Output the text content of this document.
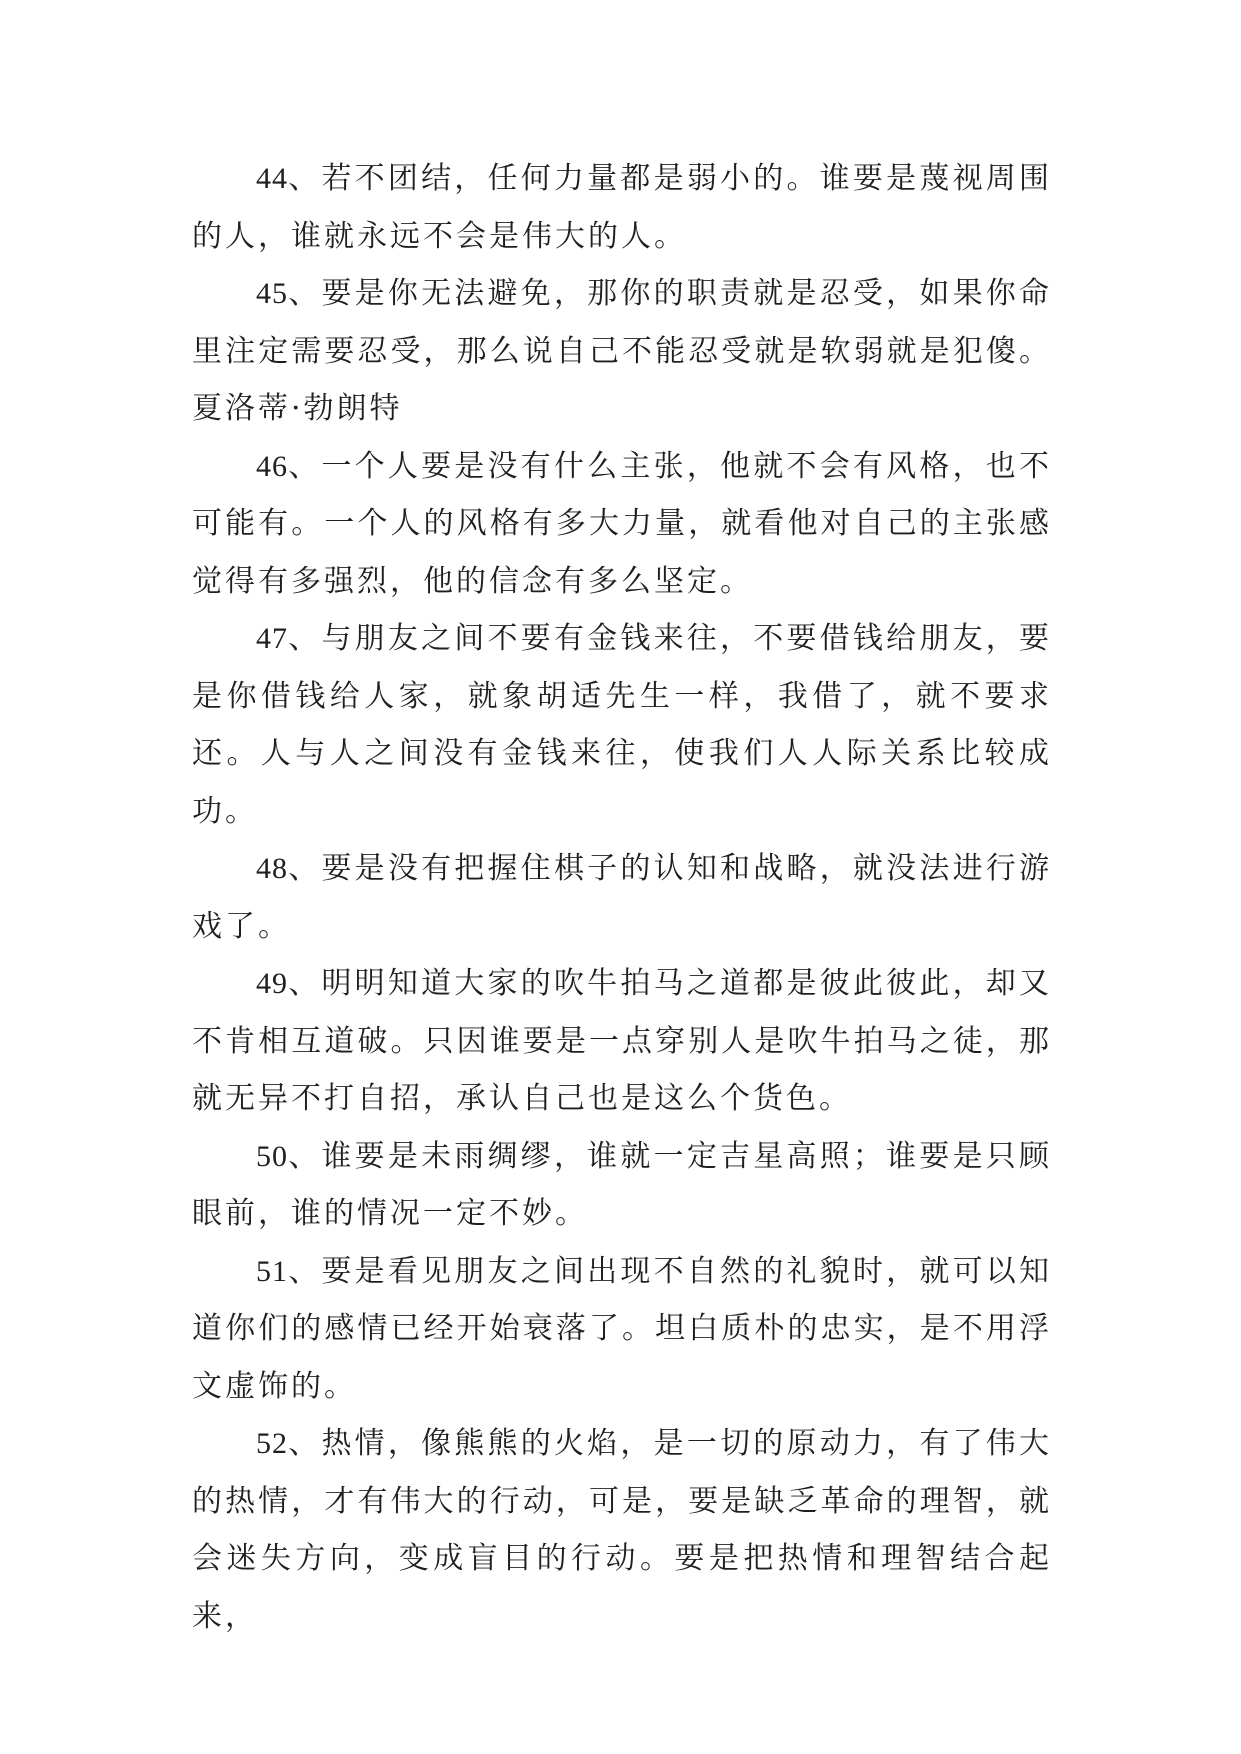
44、若不团结，任何力量都是弱小的。谁要是蔑视周围的人，谁就永远不会是伟大的人。

45、要是你无法避免，那你的职责就是忍受，如果你命里注定需要忍受，那么说自己不能忍受就是软弱就是犯傻。夏洛蒂·勃朗特

46、一个人要是没有什么主张，他就不会有风格，也不可能有。一个人的风格有多大力量，就看他对自己的主张感觉得有多强烈，他的信念有多么坚定。

47、与朋友之间不要有金钱来往，不要借钱给朋友，要是你借钱给人家，就象胡适先生一样，我借了，就不要求还。人与人之间没有金钱来往，使我们人人际关系比较成功。

48、要是没有把握住棋子的认知和战略，就没法进行游戏了。

49、明明知道大家的吹牛拍马之道都是彼此彼此，却又不肯相互道破。只因谁要是一点穿别人是吹牛拍马之徒，那就无异不打自招，承认自己也是这么个货色。

50、谁要是未雨绸缪，谁就一定吉星高照；谁要是只顾眼前，谁的情况一定不妙。

51、要是看见朋友之间出现不自然的礼貌时，就可以知道你们的感情已经开始衰落了。坦白质朴的忠实，是不用浮文虚饰的。

52、热情，像熊熊的火焰，是一切的原动力，有了伟大的热情，才有伟大的行动，可是，要是缺乏革命的理智，就会迷失方向，变成盲目的行动。要是把热情和理智结合起来，
